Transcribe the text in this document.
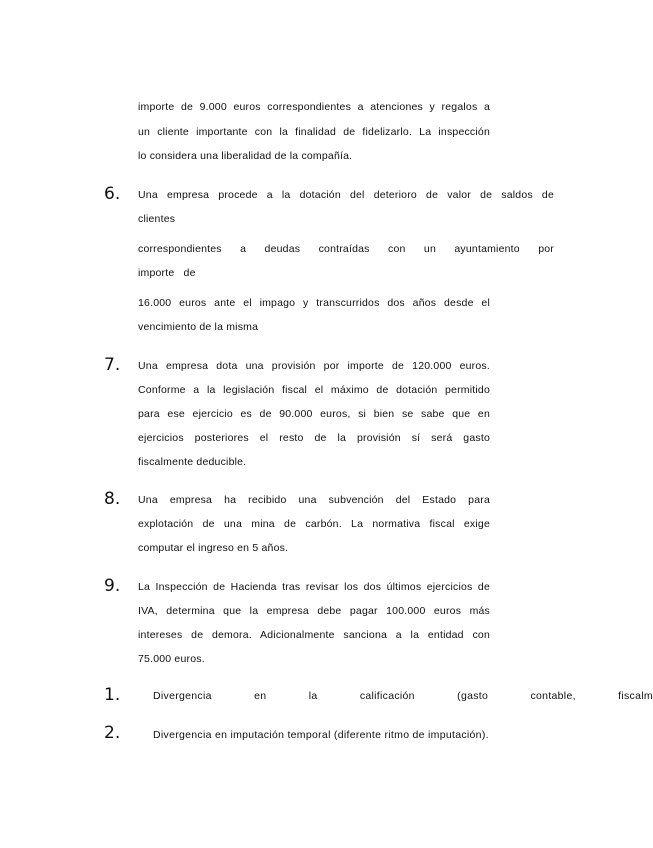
importe de 9.000 euros correspondientes a atenciones y regalos a
un cliente importante con la finalidad de fidelizarlo. La inspección
lo considera una liberalidad de la compañía.
6. Una empresa procede a la dotación del deterioro de valor de saldos de
clientes
correspondientes a deudas contraídas con un ayuntamiento por
importe de
16.000 euros ante el impago y transcurridos dos años desde el
vencimiento de la misma
7. Una empresa dota una provisión por importe de 120.000 euros.
Conforme a la legislación fiscal el máximo de dotación permitido
para ese ejercicio es de 90.000 euros, si bien se sabe que en
ejercicios posteriores el resto de la provisión sí será gasto
fiscalmente deducible.
8. Una empresa ha recibido una subvención del Estado para
explotación de una mina de carbón. La normativa fiscal exige
computar el ingreso en 5 años.
9. La Inspección de Hacienda tras revisar los dos últimos ejercicios de
IVA, determina que la empresa debe pagar 100.000 euros más
intereses de demora. Adicionalmente sanciona a la entidad con
75.000 euros.
1.	Divergencia	en	la	calificación	(gasto	contable,	fiscalm
2.	Divergencia en imputación temporal (diferente ritmo de imputación).
